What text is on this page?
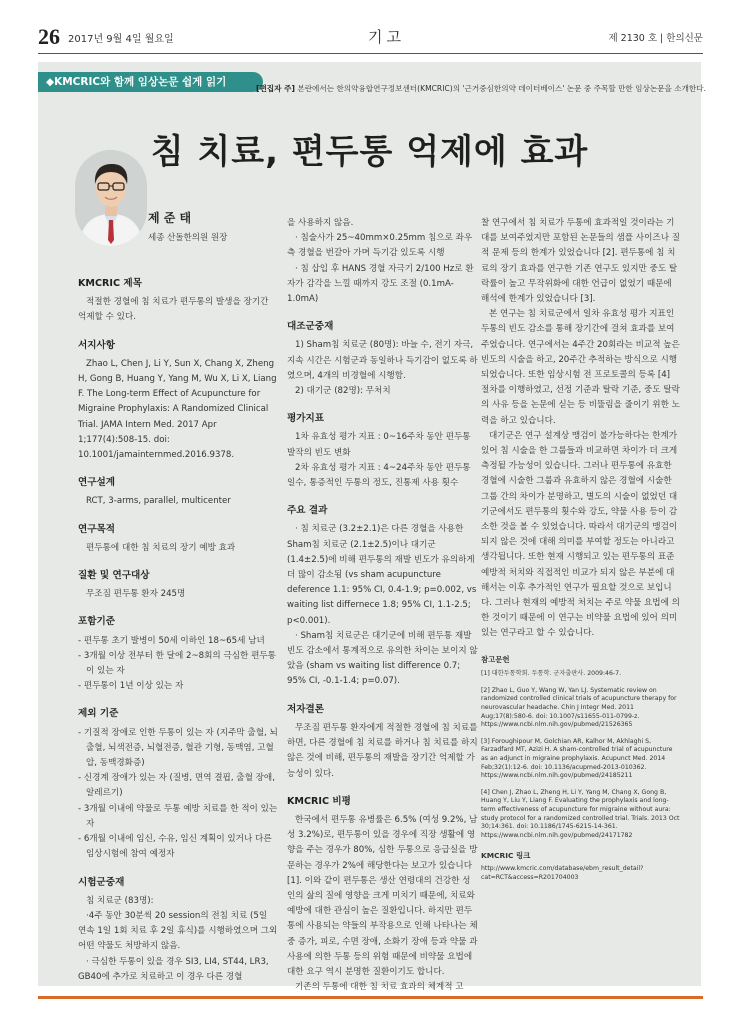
26 2017년 9월 4일 월요일	기고	제 2130 호 | 한의신문
◆KMCRIC와 함께 임상논문 쉽게 읽기
[편집자 주] 본란에서는 한의약융합연구정보센터(KMCRIC)의 '근거중심한의약 데이터베이스' 논문 중 주목할 만한 임상논문을 소개한다.
침 치료, 편두통 억제에 효과
제 준 태
세종 산돌한의원 원장
KMCRIC 제목
적절한 경혈에 침 치료가 편두통의 발생을 장기간 억제할 수 있다.
서지사항
Zhao L, Chen J, Li Y, Sun X, Chang X, Zheng H, Gong B, Huang Y, Yang M, Wu X, Li X, Liang F. The Long-term Effect of Acupuncture for Migraine Prophylaxis: A Randomized Clinical Trial. JAMA Intern Med. 2017 Apr 1;177(4):508-15. doi: 10.1001/jamainternmed.2016.9378.
연구설계
RCT, 3-arms, parallel, multicenter
연구목적
편두통에 대한 침 치료의 장기 예방 효과
질환 및 연구대상
무조짐 편두통 환자 245명
포함기준
- 편두통 초기 발병이 50세 이하인 18~65세 남녀
- 3개월 이상 전부터 한 달에 2~8회의 극심한 편두통이 있는 자
- 편두통이 1년 이상 있는 자
제외 기준
- 기질적 장애로 인한 두통이 있는 자 (지주막 출혈, 뇌출혈, 뇌색전증, 뇌혈전증, 혈관 기형, 동맥염, 고혈압, 동맥경화증)
- 신경계 장애가 있는 자 (질병, 면역 결핍, 출혈 장애, 알레르기)
- 3개월 이내에 약물로 두통 예방 치료를 한 적이 있는 자
- 6개월 이내에 임신, 수유, 임신 계획이 있거나 다른 임상시험에 참여 예정자
시험군중재
침 치료군 (83명):
·4주 동안 30분씩 20 session의 전침 치료 (5일 연속 1일 1회 치료 후 2일 휴식)를 시행하였으며 그외 어떤 약물도 처방하지 않음.
· 극심한 두통이 있을 경우 SI3, LI4, ST44, LR3, GB40에 추가로 치료하고 이 경우 다른 경혈
을 사용하지 않음.
· 침술사가 25~40mm×0.25mm 침으로 좌우측 경혈을 번갈아 가며 득기감 있도록 시행
· 침 삽입 후 HANS 경혈 자극기 2/100 Hz로 환자가 감각을 느낄 때까지 강도 조절 (0.1mA-1.0mA)
대조군중재
1) Sham침 치료군 (80명): 바늘 수, 전기 자극, 지속 시간은 시험군과 동일하나 득기감이 없도록 하였으며, 4개의 비경혈에 시행함.
2) 대기군 (82명): 무처치
평가지표
1차 유효성 평가 지표 : 0~16주차 동안 편두통 발작의 빈도 변화
2차 유효성 평가 지표 : 4~24주차 동안 편두통 일수, 통증적인 두통의 정도, 진통제 사용 횟수
주요 결과
· 침 치료군 (3.2±2.1)은 다른 경혈을 사용한 Sham침 치료군 (2.1±2.5)이나 대기군 (1.4±2.5)에 비해 편두통의 재발 빈도가 유의하게 더 많이 감소됨 (vs sham acupuncture deference 1.1: 95% CI, 0.4-1.9; p=0.002, vs waiting list differnece 1.8; 95% CI, 1.1-2.5; p<0.001).
· Sham침 치료군은 대기군에 비해 편두통 재발 빈도 감소에서 통계적으로 유의한 차이는 보이지 않았음 (sham vs waiting list difference 0.7; 95% CI, -0.1-1.4; p=0.07).
저자결론
무조짐 편두통 환자에게 적절한 경혈에 침 치료를 하면, 다른 경혈에 침 치료를 하거나 침 치료를 하지 않은 것에 비해, 편두통의 재발을 장기간 억제할 가능성이 있다.
KMCRIC 비평
한국에서 편두통 유병률은 6.5% (여성 9.2%, 남성 3.2%)로, 편두통이 있을 경우에 직장 생활에 영향을 주는 경우가 80%, 심한 두통으로 응급실을 방문하는 경우가 2%에 해당한다는 보고가 있습니다 [1]. 이와 같이 편두통은 생산 연령대의 건강한 성인의 삶의 질에 영향을 크게 미치기 때문에, 치료와 예방에 대한 관심이 높은 질환입니다. 하지만 편두통에 사용되는 약들의 부작용으로 인해 나타나는 체중 증가, 피로, 수면 장애, 소화기 장애 등과 약물 과사용에 의한 두통 등의 위험 때문에 비약물 요법에 대한 요구 역시 분명한 질환이기도 합니다.
기존의 두통에 대한 침 치료 효과의 체계적 고
찰 연구에서 침 치료가 두통에 효과적일 것이라는 기대를 보여주었지만 포함된 논문들의 샘플 사이즈나 질적 문제 등의 한계가 있었습니다 [2]. 편두통에 침 치료의 장기 효과를 연구한 기존 연구도 있지만 중도 탈락률이 높고 무작위화에 대한 언급이 없었기 때문에 해석에 한계가 있었습니다 [3].
본 연구는 침 치료군에서 일차 유효성 평가 지표인 두통의 빈도 감소를 통해 장기간에 걸쳐 효과를 보여주었습니다. 연구에서는 4주간 20회라는 비교적 높은 빈도의 시술을 하고, 20주간 추적하는 방식으로 시행되었습니다. 또한 임상시험 전 프로토콜의 등록 [4] 절차를 이행하였고, 선정 기준과 탈락 기준, 중도 탈락의 사유 등을 논문에 싣는 등 비뚤림을 줄이기 위한 노력을 하고 있습니다.
대기군은 연구 설계상 맹검이 불가능하다는 한계가 있어 침 시술을 한 그룹들과 비교하면 차이가 더 크게 측정될 가능성이 있습니다. 그러나 편두통에 유효한 경혈에 시술한 그룹과 유효하지 않은 경혈에 시술한 그룹 간의 차이가 분명하고, 별도의 시술이 없었던 대기군에서도 편두통의 횟수와 강도, 약물 사용 등이 감소한 것을 볼 수 있었습니다. 따라서 대기군의 맹검이 되지 않은 것에 대해 의미를 부여할 정도는 아니라고 생각됩니다. 또한 현재 시행되고 있는 편두통의 표준 예방적 처치와 직접적인 비교가 되지 않은 부분에 대해서는 이후 추가적인 연구가 필요할 것으로 보입니다. 그러나 현재의 예방적 처치는 주로 약물 요법에 의한 것이기 때문에 이 연구는 비약물 요법에 있어 의미 있는 연구라고 할 수 있습니다.
참고문헌
[1] 대한두통학회. 두통학. 군자출판사. 2009:46-7.
[2] Zhao L, Guo Y, Wang W, Yan LJ. Systematic review on randomized controlled clinical trials of acupuncture therapy for neurovascular headache. Chin J Integr Med. 2011 Aug;17(8):580-6. doi: 10.1007/s11655-011-0799-z. https://www.ncbi.nlm.nih.gov/pubmed/21526365
[3] Foroughipour M, Golchian AR, Kalhor M, Akhlaghi S, Farzadfard MT, Azizi H. A sham-controlled trial of acupuncture as an adjunct in migraine prophylaxis. Acupunct Med. 2014 Feb;32(1):12-6. doi: 10.1136/acupmed-2013-010362. https://www.ncbi.nlm.nih.gov/pubmed/24185211
[4] Chen J, Zhao L, Zheng H, Li Y, Yang M, Chang X, Gong B, Huang Y, Liu Y, Liang F. Evaluating the prophylaxis and long-term effectiveness of acupuncture for migraine without aura: study protocol for a randomized controlled trial. Trials. 2013 Oct 30;14:361. doi: 10.1186/1745-6215-14-361. https://www.ncbi.nlm.nih.gov/pubmed/24171782
KMCRIC 링크
http://www.kmcric.com/database/ebm_result_detail?cat=RCT&access=R201704003
